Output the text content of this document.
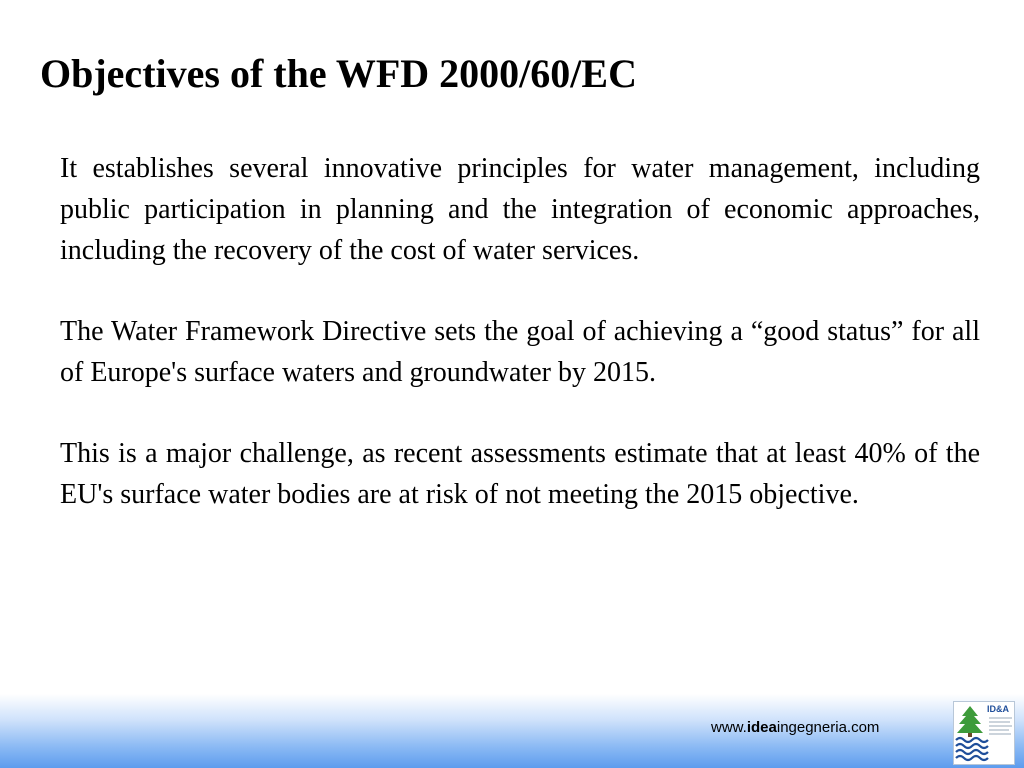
Objectives of the WFD 2000/60/EC

It establishes several innovative principles for water management, including public participation in planning and the integration of economic approaches, including the recovery of the cost of water services.

The Water Framework Directive sets the goal of achieving a “good status” for all of Europe's surface waters and groundwater by 2015.

This is a major challenge, as recent assessments estimate that at least 40% of the EU's surface water bodies are at risk of not meeting the 2015 objective.

www.ideaingegneria.com
ID&A
